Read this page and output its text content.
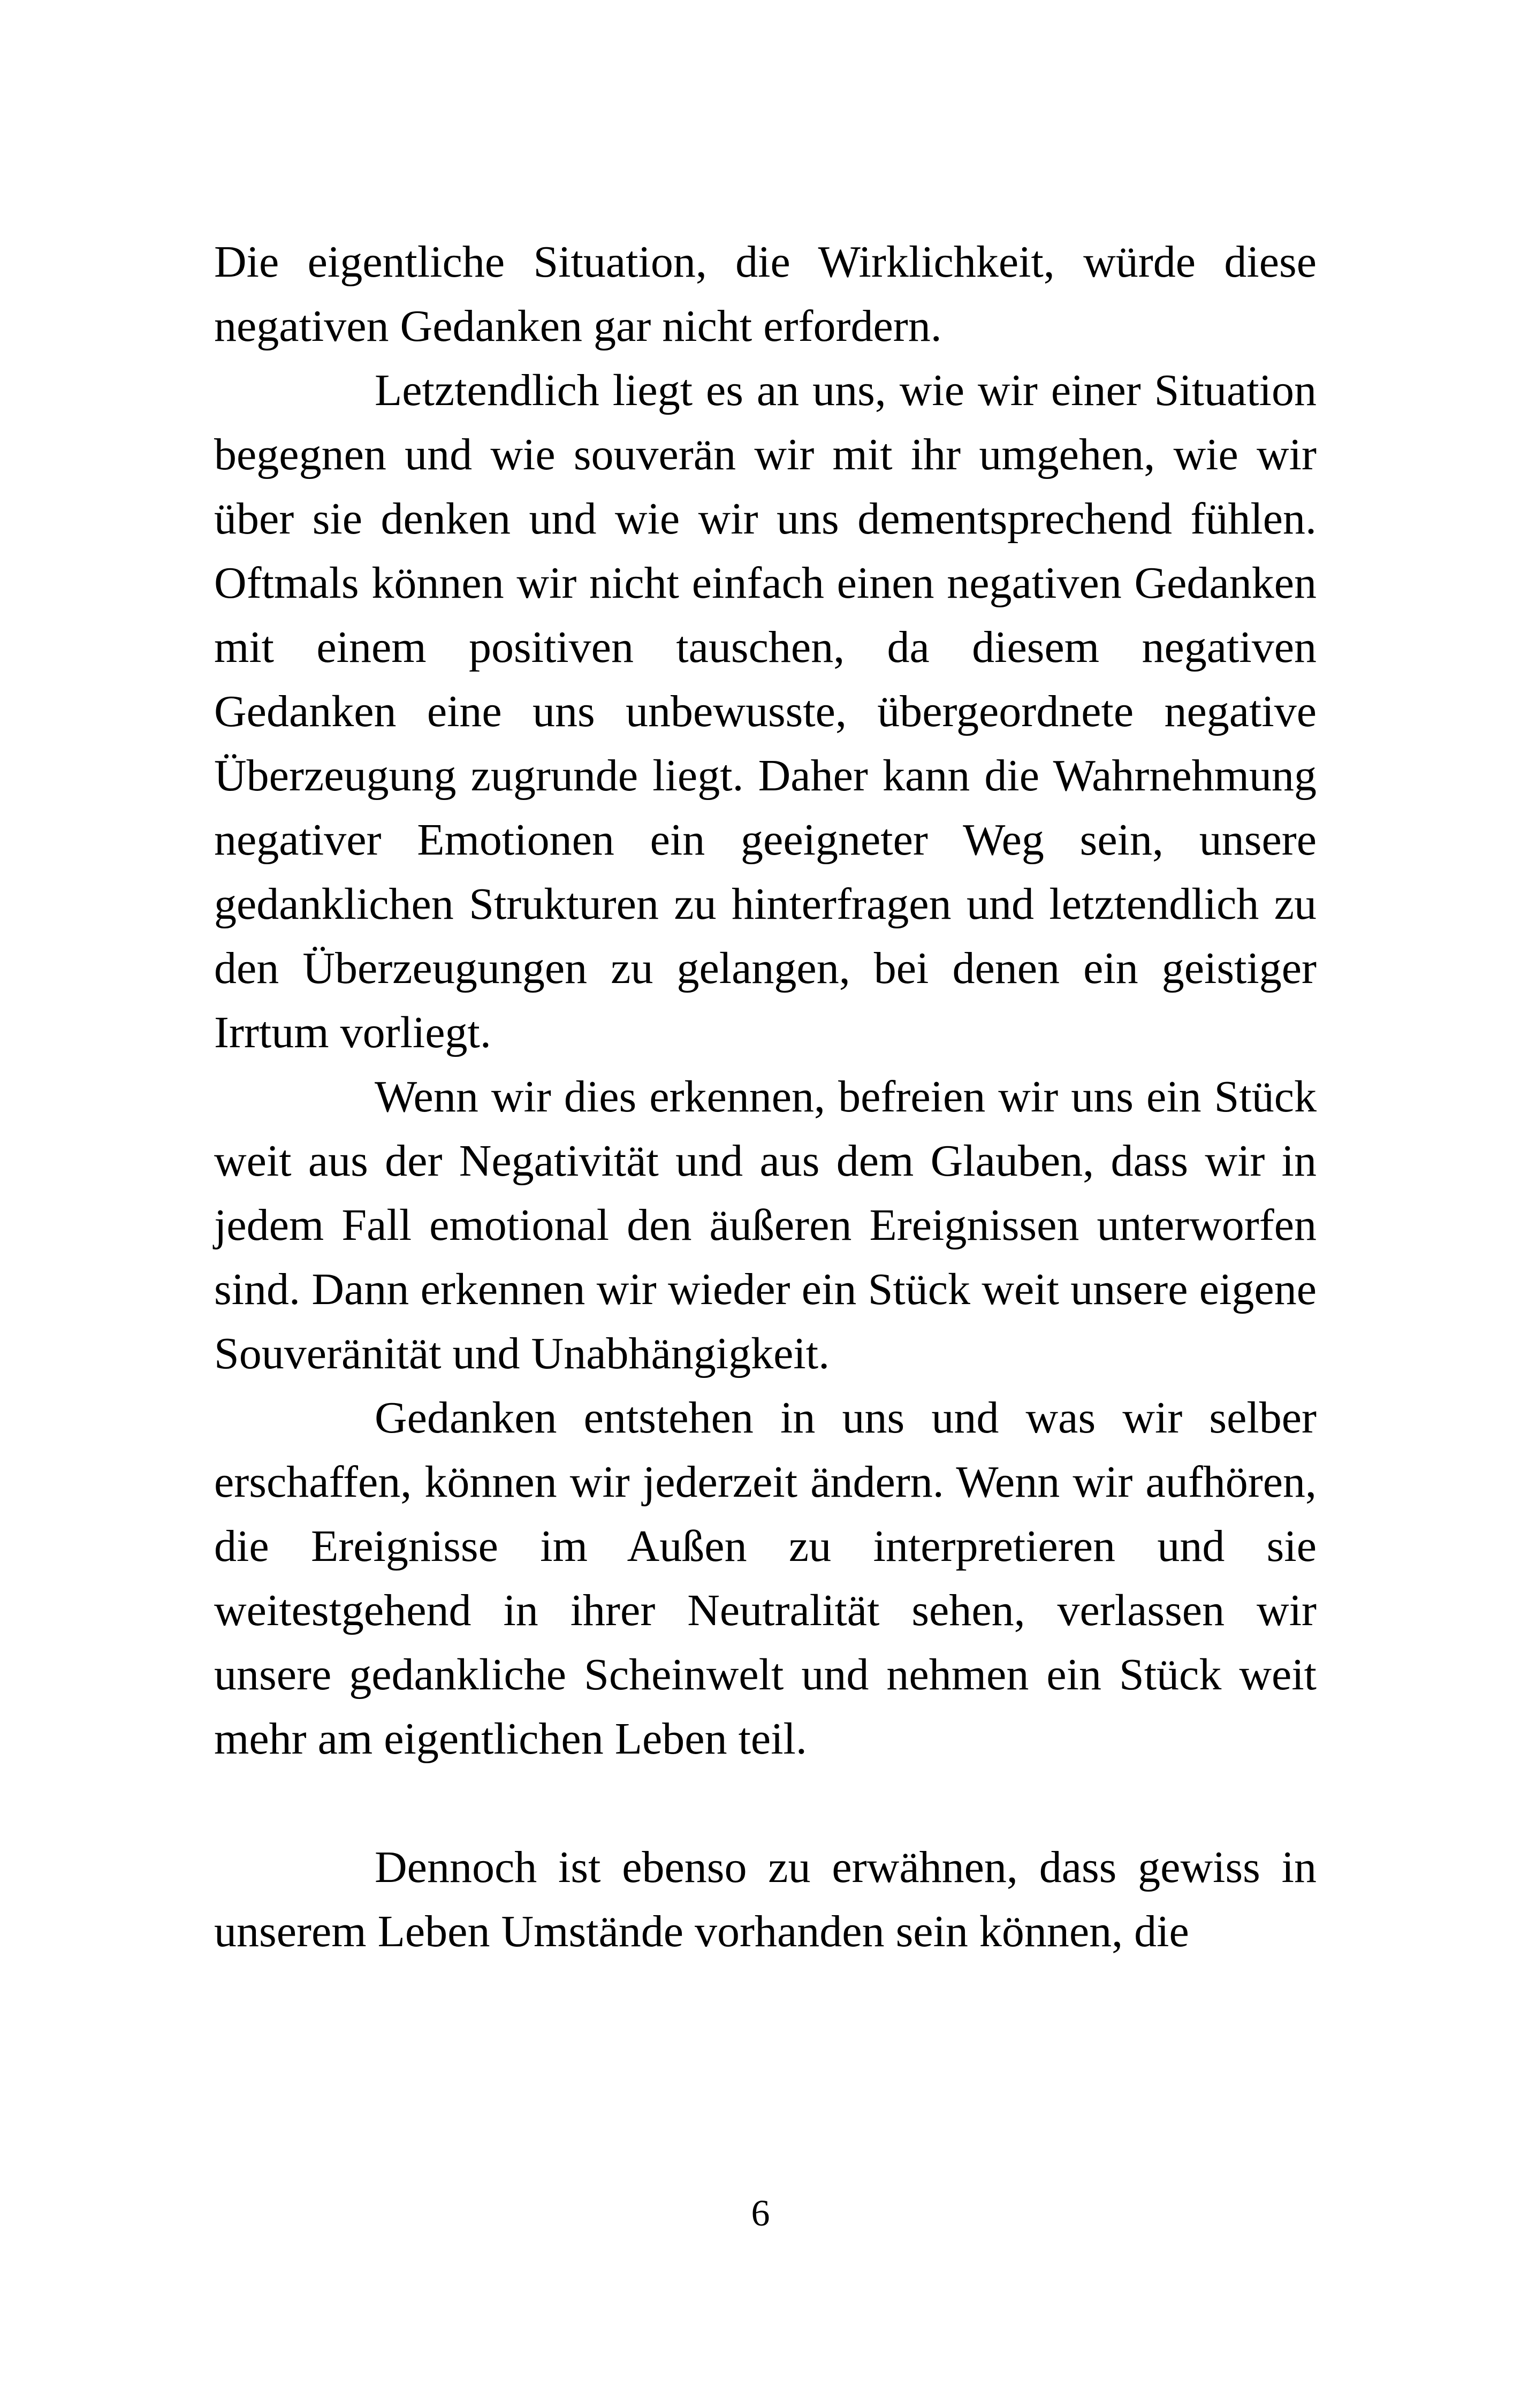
Die eigentliche Situation, die Wirklichkeit, würde diese negativen Gedanken gar nicht erfordern.

Letztendlich liegt es an uns, wie wir einer Situation begegnen und wie souverän wir mit ihr umgehen, wie wir über sie denken und wie wir uns dementsprechend fühlen. Oftmals können wir nicht einfach einen negativen Gedanken mit einem positiven tauschen, da diesem negativen Gedanken eine uns unbewusste, übergeordnete negative Überzeugung zugrunde liegt. Daher kann die Wahrnehmung negativer Emotionen ein geeigneter Weg sein, unsere gedanklichen Strukturen zu hinterfragen und letztendlich zu den Überzeugungen zu gelangen, bei denen ein geistiger Irrtum vorliegt.

Wenn wir dies erkennen, befreien wir uns ein Stück weit aus der Negativität und aus dem Glauben, dass wir in jedem Fall emotional den äußeren Ereignissen unterworfen sind. Dann erkennen wir wieder ein Stück weit unsere eigene Souveränität und Unabhängigkeit.

Gedanken entstehen in uns und was wir selber erschaffen, können wir jederzeit ändern. Wenn wir aufhören, die Ereignisse im Außen zu interpretieren und sie weitestgehend in ihrer Neutralität sehen, verlassen wir unsere gedankliche Scheinwelt und nehmen ein Stück weit mehr am eigentlichen Leben teil.

Dennoch ist ebenso zu erwähnen, dass gewiss in unserem Leben Umstände vorhanden sein können, die

6
